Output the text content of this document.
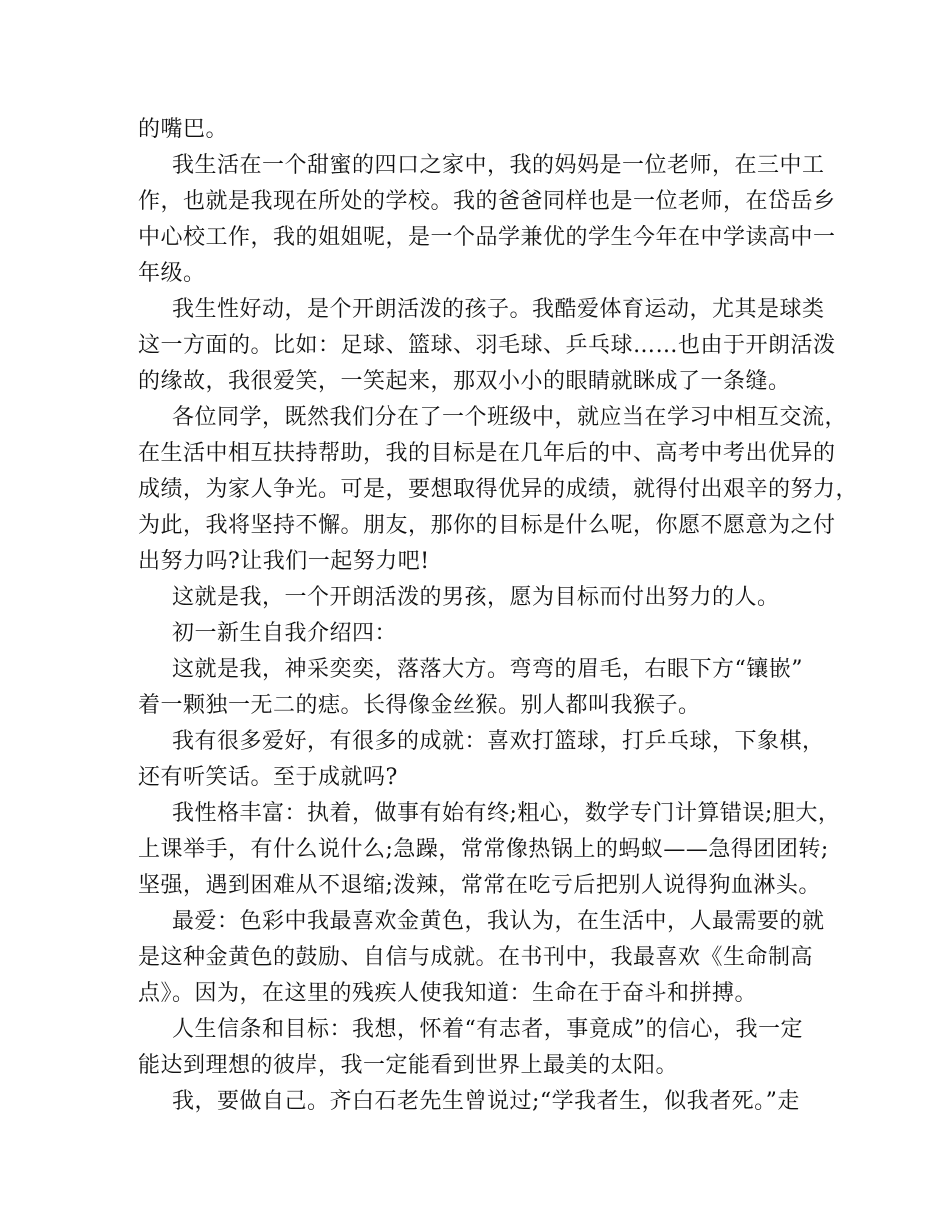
的嘴巴。
我生活在一个甜蜜的四口之家中，我的妈妈是一位老师，在三中工
作，也就是我现在所处的学校。我的爸爸同样也是一位老师，在岱岳乡
中心校工作，我的姐姐呢，是一个品学兼优的学生今年在中学读高中一
年级。
我生性好动，是个开朗活泼的孩子。我酷爱体育运动，尤其是球类
这一方面的。比如：足球、篮球、羽毛球、乒乓球……也由于开朗活泼
的缘故，我很爱笑，一笑起来，那双小小的眼睛就眯成了一条缝。
各位同学，既然我们分在了一个班级中，就应当在学习中相互交流，
在生活中相互扶持帮助，我的目标是在几年后的中、高考中考出优异的
成绩，为家人争光。可是，要想取得优异的成绩，就得付出艰辛的努力，
为此，我将坚持不懈。朋友，那你的目标是什么呢，你愿不愿意为之付
出努力吗?让我们一起努力吧!
这就是我，一个开朗活泼的男孩，愿为目标而付出努力的人。
初一新生自我介绍四：
这就是我，神采奕奕，落落大方。弯弯的眉毛，右眼下方“镶嵌”
着一颗独一无二的痣。长得像金丝猴。别人都叫我猴子。
我有很多爱好，有很多的成就：喜欢打篮球，打乒乓球，下象棋，
还有听笑话。至于成就吗?
我性格丰富：执着，做事有始有终;粗心，数学专门计算错误;胆大，
上课举手，有什么说什么;急躁，常常像热锅上的蚂蚁——急得团团转;
坚强，遇到困难从不退缩;泼辣，常常在吃亏后把别人说得狗血淋头。
最爱：色彩中我最喜欢金黄色，我认为，在生活中，人最需要的就
是这种金黄色的鼓励、自信与成就。在书刊中，我最喜欢《生命制高
点》。因为，在这里的残疾人使我知道：生命在于奋斗和拼搏。
人生信条和目标：我想，怀着“有志者，事竟成”的信心，我一定
能达到理想的彼岸，我一定能看到世界上最美的太阳。
我，要做自己。齐白石老先生曾说过;“学我者生，似我者死。”走
